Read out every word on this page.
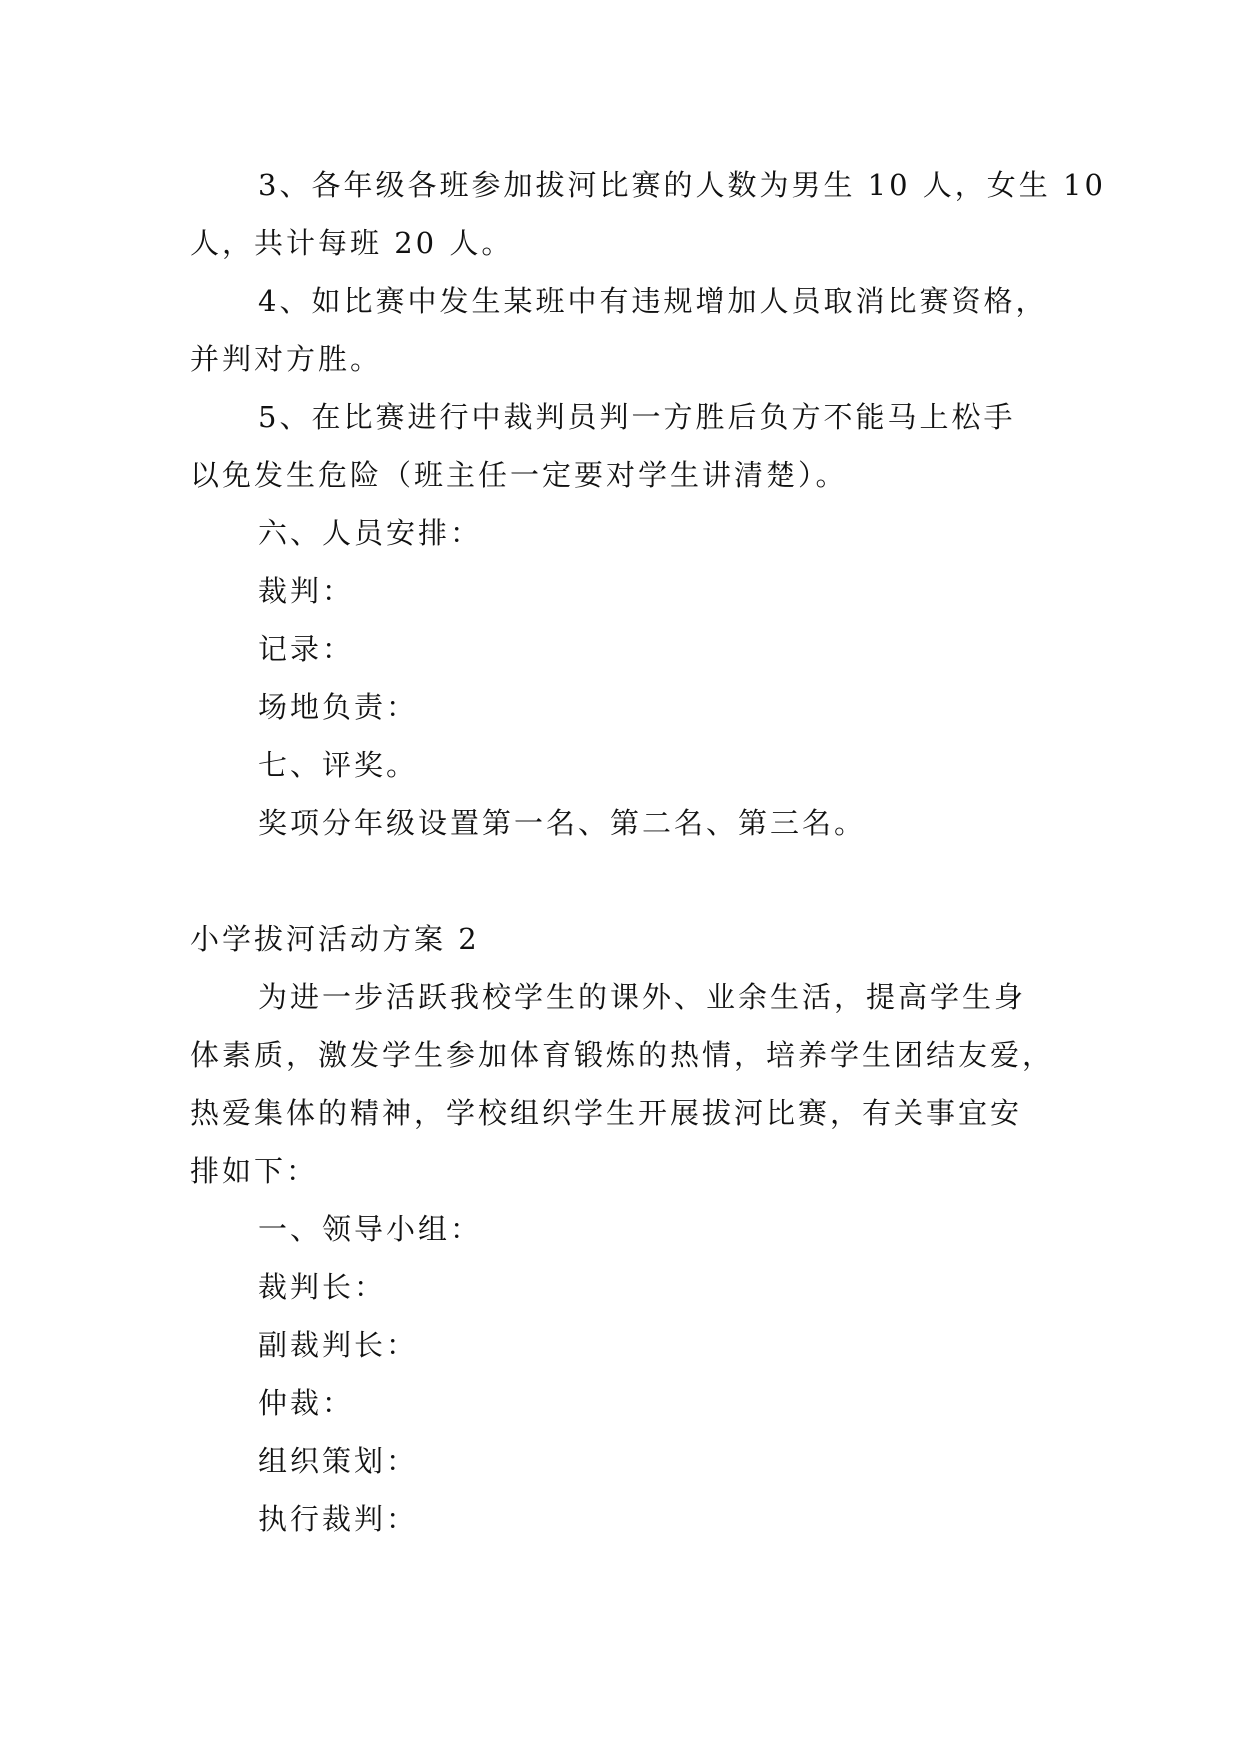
3、各年级各班参加拔河比赛的人数为男生 10 人，女生 10
人，共计每班 20 人。
4、如比赛中发生某班中有违规增加人员取消比赛资格，
并判对方胜。
5、在比赛进行中裁判员判一方胜后负方不能马上松手
以免发生危险（班主任一定要对学生讲清楚）。
六、人员安排：
裁判：
记录：
场地负责：
七、评奖。
奖项分年级设置第一名、第二名、第三名。
小学拔河活动方案 2
为进一步活跃我校学生的课外、业余生活，提高学生身
体素质，激发学生参加体育锻炼的热情，培养学生团结友爱，
热爱集体的精神，学校组织学生开展拔河比赛，有关事宜安
排如下：
一、领导小组：
裁判长：
副裁判长：
仲裁：
组织策划：
执行裁判：
